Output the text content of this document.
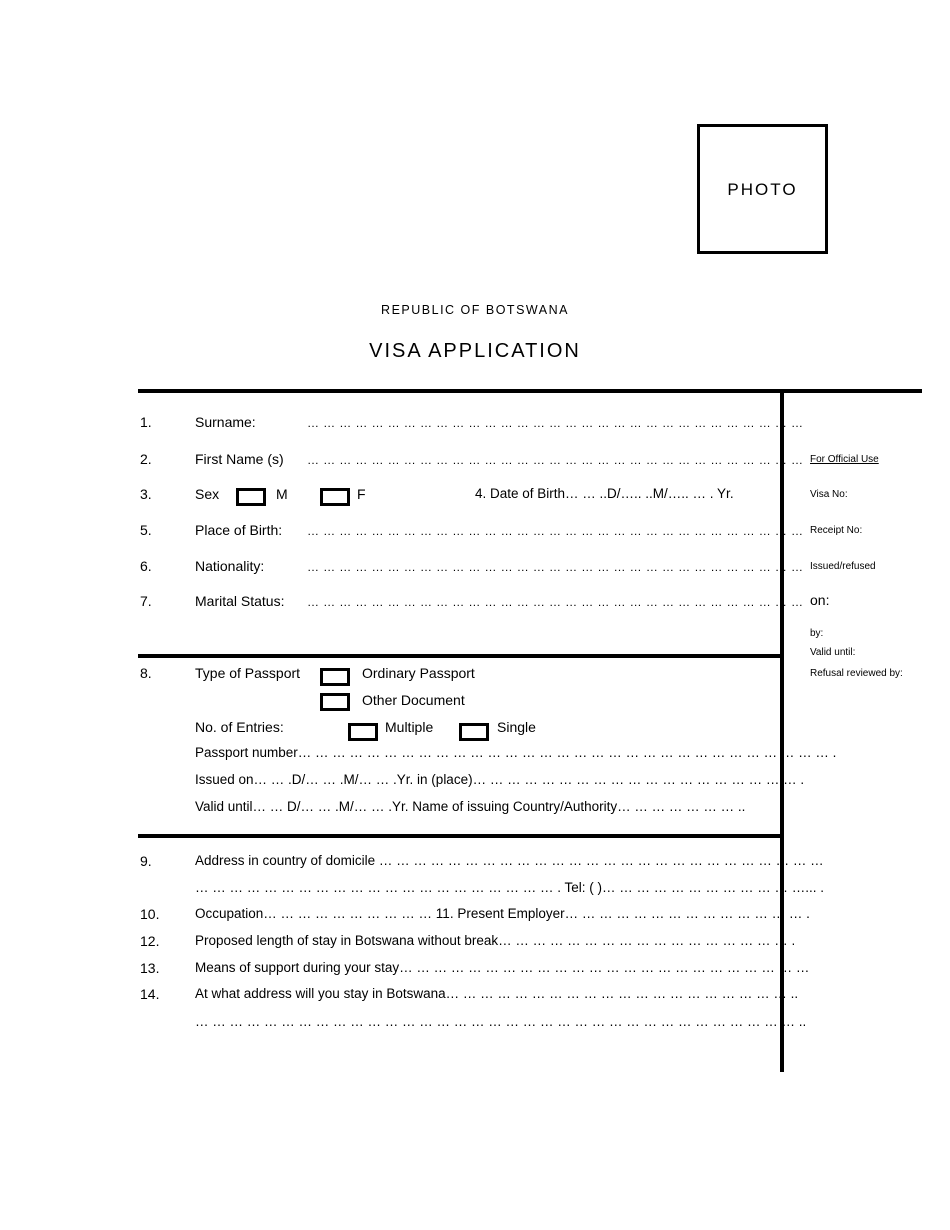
PHOTO
REPUBLIC OF BOTSWANA
VISA APPLICATION
1.	Surname:	… … … … … … … … … … … … … … … … … … … … … … … … … … … … … … …
2.	First Name (s) … … … … … … … … … … … … … … … … … … … … … … … … … … … … … … …
3.	Sex	M	F	4. Date of Birth… … ..D/….. ..M/….. … . Yr.
5.	Place of Birth: … … … … … … … … … … … … … … … … … … … … … … … … … … … … … … …
6.	Nationality:	… … … … … … … … … … … … … … … … … … … … … … … … … … … … … … …
7.	Marital Status: … … … … … … … … … … … … … … … … … … … … … … … … … … … … … … …
8.	Type of Passport	Ordinary Passport
Other Document
No. of Entries:	Multiple	Single
Passport number… … … … … … … … … … … … … … … … … … … … … … … … … … … … … … … .
Issued on… … .D/… … .M/… … .Yr. in (place)… … … … … … … … … … … … … … … … … … … .
Valid until… … D/… … .M/… … .Yr. Name of issuing Country/Authority… … … … … … … ..
9.	Address in country of domicile … … … … … … … … … … … … … … … … … … … … … … … … … …
… … … … … … … … … … … … … … … … … … … … … . Tel: ( )… … … … … … … … … … … …... .
10.	Occupation… … … … … … … … … … 11. Present Employer… … … … … … … … … … … … … … .
12.	Proposed length of stay in Botswana without break… … … … … … … … … … … … … … … … … .
13.	Means of support during your stay… … … … … … … … … … … … … … … … … … … … … … … …
14.	At what address will you stay in Botswana… … … … … … … … … … … … … … … … … … … … ..
… … … … … … … … … … … … … … … … … … … … … … … … … … … … … … … … … … … ..
For Official Use
Visa No:
Receipt No:
Issued/refused
on:
by:
Valid until:
Refusal reviewed by:
